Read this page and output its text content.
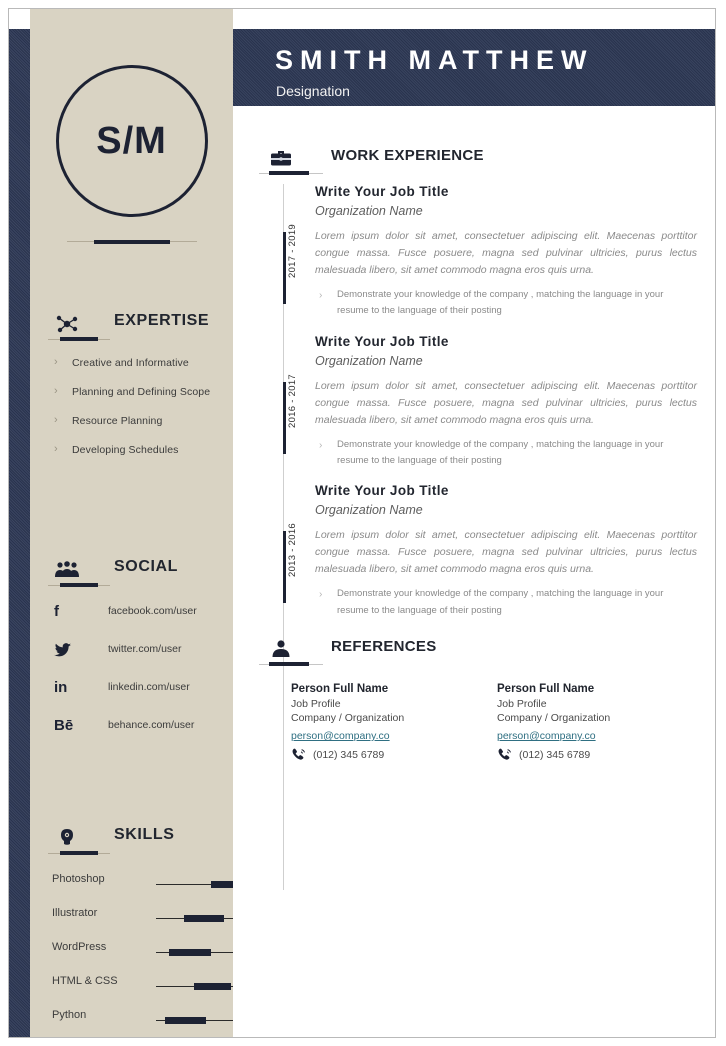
S/M
EXPERTISE
› Creative and Informative
› Planning and Defining Scope
› Resource Planning
› Developing Schedules
SOCIAL
f	facebook.com/user
twitter.com/user
in	linkedin.com/user
Bē	behance.com/user
SKILLS
Photoshop
Illustrator
WordPress
HTML & CSS
Python
SMITH MATTHEW
Designation
WORK EXPERIENCE
2017 - 2019
Write Your Job Title
Organization Name
Lorem ipsum dolor sit amet, consectetuer adipiscing elit. Maecenas porttitor congue massa. Fusce posuere, magna sed pulvinar ultricies, purus lectus malesuada libero, sit amet commodo magna eros quis urna.
› Demonstrate your knowledge of the company , matching the language in your resume to the language of their posting
2016 - 2017
Write Your Job Title
Organization Name
Lorem ipsum dolor sit amet, consectetuer adipiscing elit. Maecenas porttitor congue massa. Fusce posuere, magna sed pulvinar ultricies, purus lectus malesuada libero, sit amet commodo magna eros quis urna.
› Demonstrate your knowledge of the company , matching the language in your resume to the language of their posting
2013 - 2016
Write Your Job Title
Organization Name
Lorem ipsum dolor sit amet, consectetuer adipiscing elit. Maecenas porttitor congue massa. Fusce posuere, magna sed pulvinar ultricies, purus lectus malesuada libero, sit amet commodo magna eros quis urna.
› Demonstrate your knowledge of the company , matching the language in your resume to the language of their posting
REFERENCES
Person Full Name
Job Profile
Company / Organization
person@company.co
(012) 345 6789
Person Full Name
Job Profile
Company / Organization
person@company.co
(012) 345 6789
